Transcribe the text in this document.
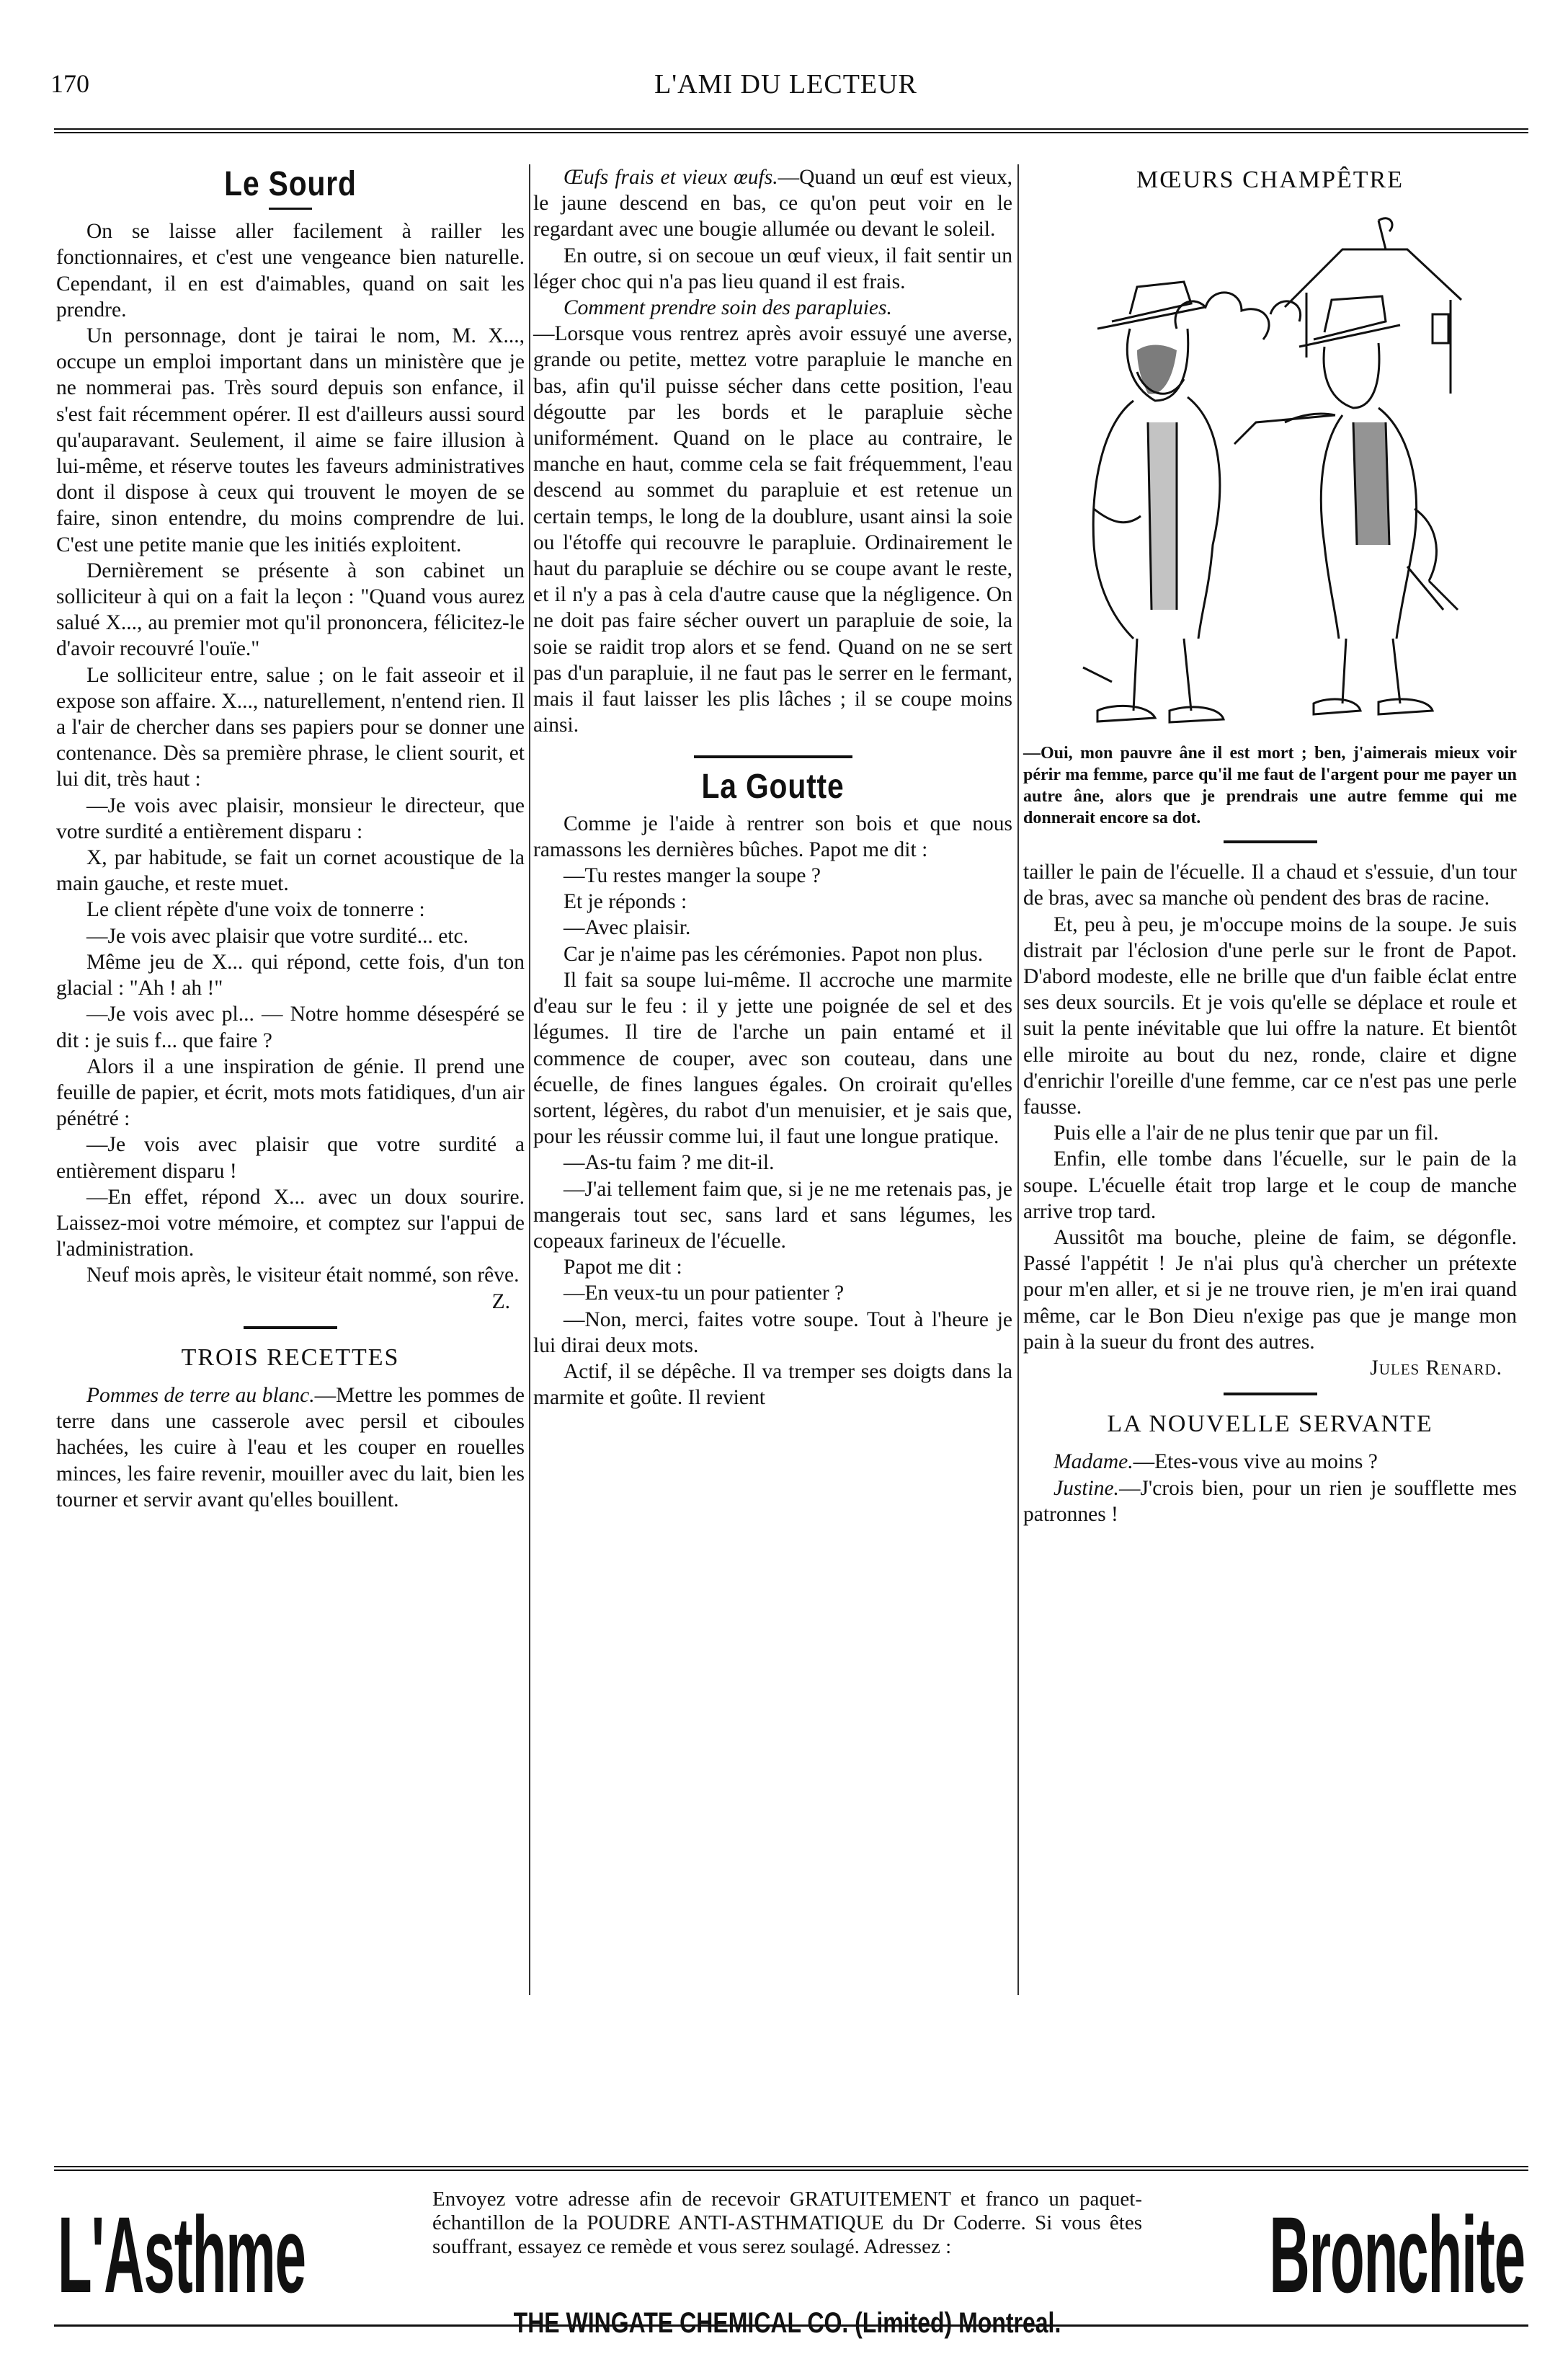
170	L'AMI DU LECTEUR
Le Sourd

On se laisse aller facilement à railler les fonctionnaires, et c'est une vengeance bien naturelle. Cependant, il en est d'aimables, quand on sait les prendre.

Un personnage, dont je tairai le nom, M. X..., occupe un emploi important dans un ministère que je ne nommerai pas. Très sourd depuis son enfance, il s'est fait récemment opérer. Il est d'ailleurs aussi sourd qu'auparavant. Seulement, il aime se faire illusion à lui-même, et réserve toutes les faveurs administratives dont il dispose à ceux qui trouvent le moyen de se faire, sinon entendre, du moins comprendre de lui. C'est une petite manie que les initiés exploitent.

Dernièrement se présente à son cabinet un solliciteur à qui on a fait la leçon : "Quand vous aurez salué X..., au premier mot qu'il prononcera, félicitez-le d'avoir recouvré l'ouïe."

Le solliciteur entre, salue ; on le fait asseoir et il expose son affaire. X..., naturellement, n'entend rien. Il a l'air de chercher dans ses papiers pour se donner une contenance. Dès sa première phrase, le client sourit, et lui dit, très haut :

—Je vois avec plaisir, monsieur le directeur, que votre surdité a entièrement disparu :

X, par habitude, se fait un cornet acoustique de la main gauche, et reste muet.

Le client répète d'une voix de tonnerre :

—Je vois avec plaisir que votre surdité... etc.

Même jeu de X... qui répond, cette fois, d'un ton glacial : "Ah ! ah !"

—Je vois avec pl... — Notre homme désespéré se dit : je suis f... que faire ?

Alors il a une inspiration de génie. Il prend une feuille de papier, et écrit, mots mots fatidiques, d'un air pénétré :

—Je vois avec plaisir que votre surdité a entièrement disparu !

—En effet, répond X... avec un doux sourire. Laissez-moi votre mémoire, et comptez sur l'appui de l'administration.

Neuf mois après, le visiteur était nommé, son rêve.

Z.
TROIS RECETTES

Pommes de terre au blanc.—Mettre les pommes de terre dans une casserole avec persil et ciboules hachées, les cuire à l'eau et les couper en rouelles minces, les faire revenir, mouiller avec du lait, bien les tourner et servir avant qu'elles bouillent.

Œufs frais et vieux œufs.—Quand un œuf est vieux, le jaune descend en bas, ce qu'on peut voir en le regardant avec une bougie allumée ou devant le soleil.

En outre, si on secoue un œuf vieux, il fait sentir un léger choc qui n'a pas lieu quand il est frais.

Comment prendre soin des parapluies.

—Lorsque vous rentrez après avoir essuyé une averse, grande ou petite, mettez votre parapluie le manche en bas, afin qu'il puisse sécher dans cette position, l'eau dégoutte par les bords et le parapluie sèche uniformément. Quand on le place au contraire, le manche en haut, comme cela se fait fréquemment, l'eau descend au sommet du parapluie et est retenue un certain temps, le long de la doublure, usant ainsi la soie ou l'étoffe qui recouvre le parapluie. Ordinairement le haut du parapluie se déchire ou se coupe avant le reste, et il n'y a pas à cela d'autre cause que la négligence. On ne doit pas faire sécher ouvert un parapluie de soie, la soie se raidit trop alors et se fend. Quand on ne se sert pas d'un parapluie, il ne faut pas le serrer en le fermant, mais il faut laisser les plis lâches ; il se coupe moins ainsi.

La Goutte

Comme je l'aide à rentrer son bois et que nous ramassons les dernières bûches. Papot me dit :

—Tu restes manger la soupe ?

Et je réponds :

—Avec plaisir.

Car je n'aime pas les cérémonies. Papot non plus.

Il fait sa soupe lui-même. Il accroche une marmite d'eau sur le feu : il y jette une poignée de sel et des légumes. Il tire de l'arche un pain entamé et il commence de couper, avec son couteau, dans une écuelle, de fines langues égales. On croirait qu'elles sortent, légères, du rabot d'un menuisier, et je sais que, pour les réussir comme lui, il faut une longue pratique.

—As-tu faim ? me dit-il.

—J'ai tellement faim que, si je ne me retenais pas, je mangerais tout sec, sans lard et sans légumes, les copeaux farineux de l'écuelle.

Papot me dit :

—En veux-tu un pour patienter ?

—Non, merci, faites votre soupe. Tout à l'heure je lui dirai deux mots.

Actif, il se dépêche. Il va tremper ses doigts dans la marmite et goûte. Il revient

MŒURS CHAMPÊTRE
—Oui, mon pauvre âne il est mort ; ben, j'aimerais mieux voir périr ma femme, parce qu'il me faut de l'argent pour me payer un autre âne, alors que je prendrais une autre femme qui me donnerait encore sa dot.

tailler le pain de l'écuelle. Il a chaud et s'essuie, d'un tour de bras, avec sa manche où pendent des bras de racine.

Et, peu à peu, je m'occupe moins de la soupe. Je suis distrait par l'éclosion d'une perle sur le front de Papot. D'abord modeste, elle ne brille que d'un faible éclat entre ses deux sourcils. Et je vois qu'elle se déplace et roule et suit la pente inévitable que lui offre la nature. Et bientôt elle miroite au bout du nez, ronde, claire et digne d'enrichir l'oreille d'une femme, car ce n'est pas une perle fausse.

Puis elle a l'air de ne plus tenir que par un fil.

Enfin, elle tombe dans l'écuelle, sur le pain de la soupe. L'écuelle était trop large et le coup de manche arrive trop tard.

Aussitôt ma bouche, pleine de faim, se dégonfle. Passé l'appétit ! Je n'ai plus qu'à chercher un prétexte pour m'en aller, et si je ne trouve rien, je m'en irai quand même, car le Bon Dieu n'exige pas que je mange mon pain à la sueur du front des autres.

Jules Renard.
LA NOUVELLE SERVANTE

Madame.—Etes-vous vive au moins ?

Justine.—J'crois bien, pour un rien je soufflette mes patronnes !

L'Asthme	Envoyez votre adresse afin de recevoir GRATUITEMENT et franco un paquet-échantillon de la POUDRE ANTI-ASTHMATIQUE du Dr Coderre. Si vous êtes souffrant, essayez ce remède et vous serez soulagé. Adressez :
THE WINGATE CHEMICAL CO. (Limited) Montreal.
Bronchite
